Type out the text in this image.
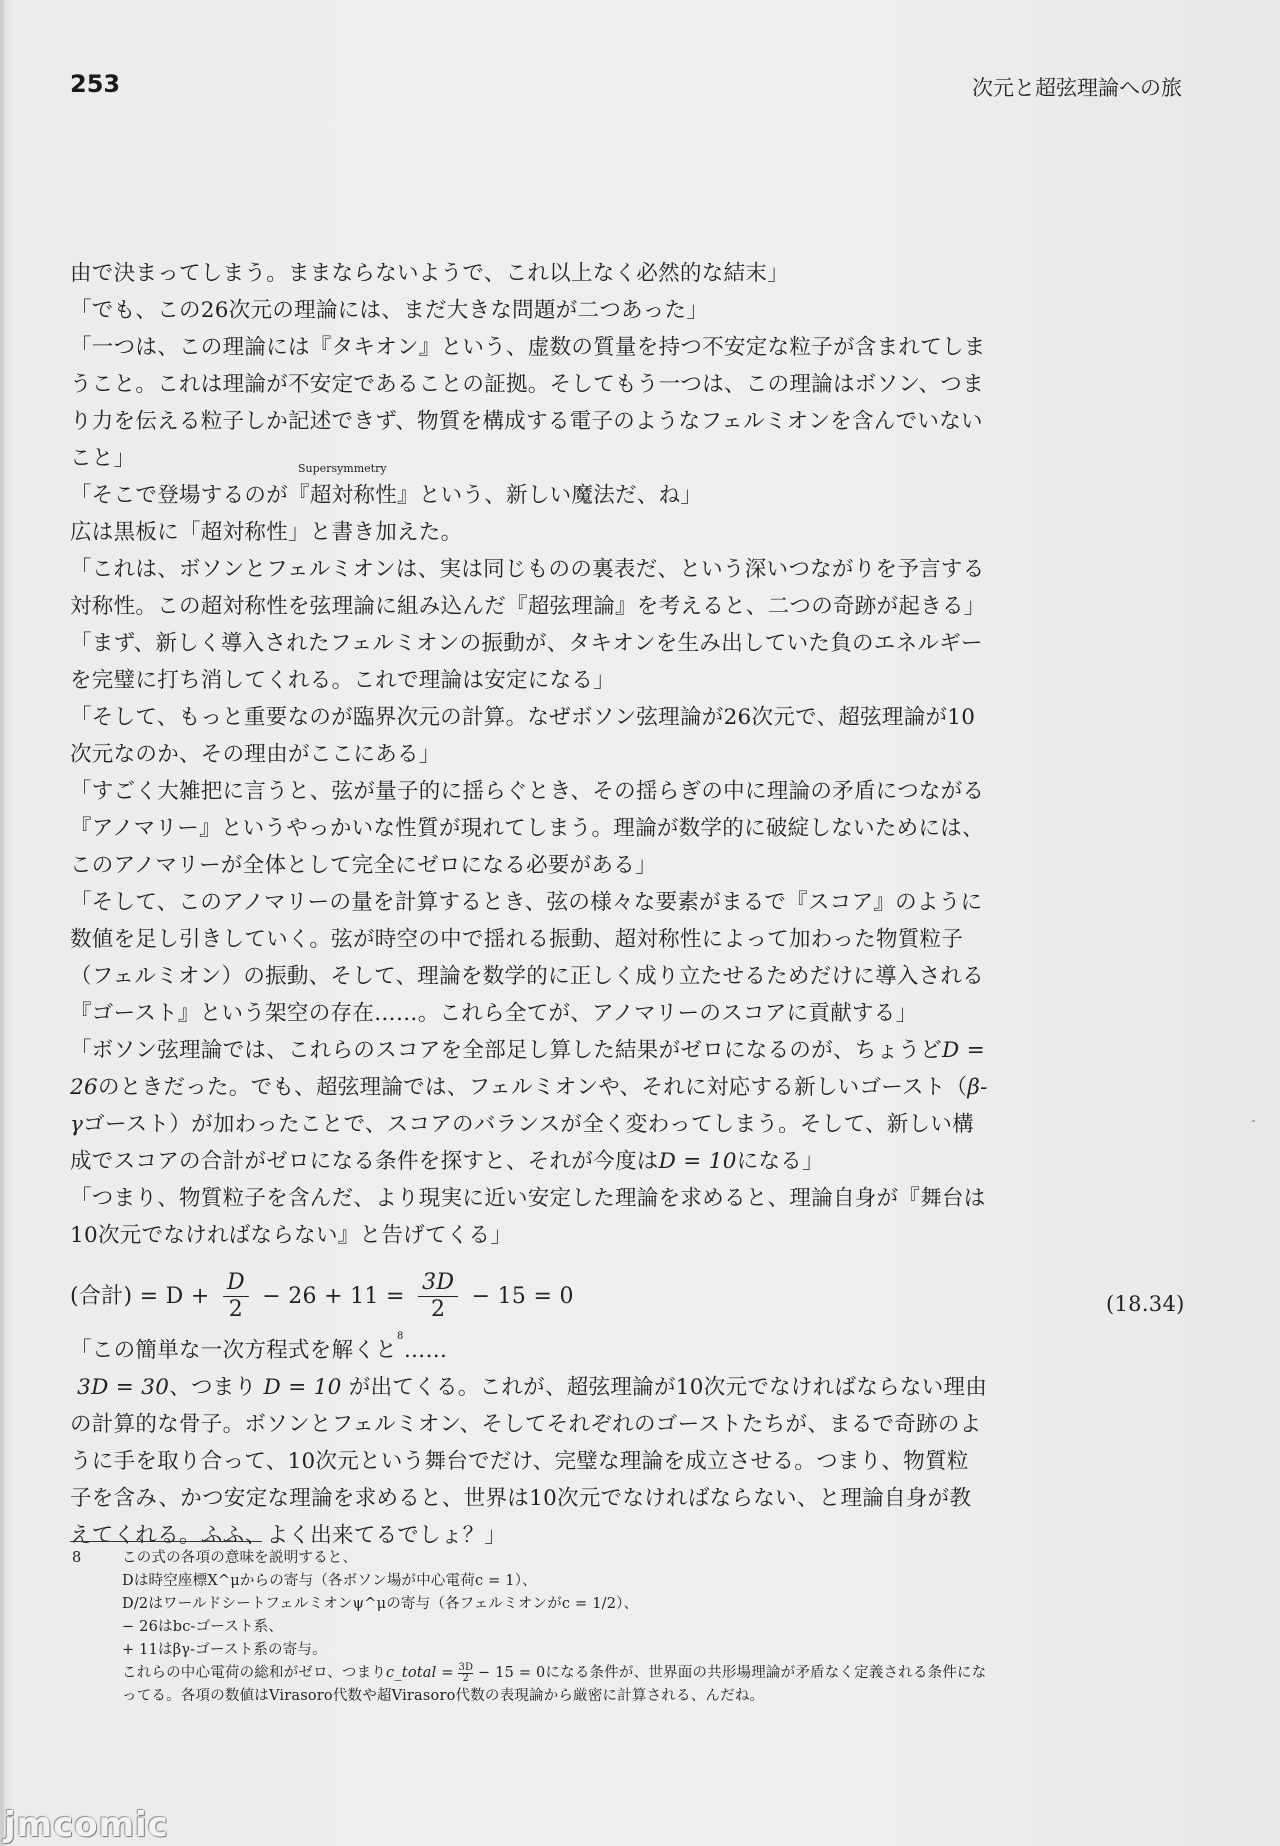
253	次元と超弦理論への旅

由で決まってしまう。ままならないようで、これ以上なく必然的な結末」

「でも、この26次元の理論には、まだ大きな問題が二つあった」

「一つは、この理論には『タキオン』という、虚数の質量を持つ不安定な粒子が含まれてしまうこと。これは理論が不安定であることの証拠。そしてもう一つは、この理論はボソン、つまり力を伝える粒子しか記述できず、物質を構成する電子のようなフェルミオンを含んでいないこと」

「そこで登場するのが
Supersymmetry
『超対称性』という、新しい魔法だ、ね」

広は黒板に「超対称性」と書き加えた。

「これは、ボソンとフェルミオンは、実は同じものの裏表だ、という深いつながりを予言する対称性。この超対称性を弦理論に組み込んだ『超弦理論』を考えると、二つの奇跡が起きる」

「まず、新しく導入されたフェルミオンの振動が、タキオンを生み出していた負のエネルギーを完璧に打ち消してくれる。これで理論は安定になる」

「そして、もっと重要なのが臨界次元の計算。なぜボソン弦理論が26次元で、超弦理論が10次元なのか、その理由がここにある」

「すごく大雑把に言うと、弦が量子的に揺らぐとき、その揺らぎの中に理論の矛盾につながる『アノマリー』というやっかいな性質が現れてしまう。理論が数学的に破綻しないためには、このアノマリーが全体として完全にゼロになる必要がある」

「そして、このアノマリーの量を計算するとき、弦の様々な要素がまるで『スコア』のように数値を足し引きしていく。弦が時空の中で揺れる振動、超対称性によって加わった物質粒子（フェルミオン）の振動、そして、理論を数学的に正しく成り立たせるためだけに導入される『ゴースト』という架空の存在……。これら全てが、アノマリーのスコアに貢献する」

「ボソン弦理論では、これらのスコアを全部足し算した結果がゼロになるのが、ちょうどD = 26のときだった。でも、超弦理論では、フェルミオンや、それに対応する新しいゴースト（β‐γゴースト）が加わったことで、スコアのバランスが全く変わってしまう。そして、新しい構成でスコアの合計がゼロになる条件を探すと、それが今度はD = 10になる」

「つまり、物質粒子を含んだ、より現実に近い安定した理論を求めると、理論自身が『舞台は10次元でなければならない』と告げてくる」

(合計) = $D + \frac{D}{2} - 26 + 11 = \frac{3D}{2} - 15 = 0$	(18.34)

「この簡単な一次方程式を解くと$^8$……

3D = 30、つまり D = 10 が出てくる。これが、超弦理論が10次元でなければならない理由の計算的な骨子。ボソンとフェルミオン、そしてそれぞれのゴーストたちが、まるで奇跡のように手を取り合って、10次元という舞台でだけ、完璧な理論を成立させる。つまり、物質粒子を含み、かつ安定な理論を求めると、世界は10次元でなければならない、と理論自身が教えてくれる。ふふ、よく出来てるでしょ？」

8	この式の各項の意味を説明すると、

Dは時空座標X^μからの寄与（各ボソン場が中心電荷c = 1）、

D/2はワールドシートフェルミオンψ^μの寄与（各フェルミオンがc = 1/2）、

− 26はbc‐ゴースト系、

+ 11はβγ‐ゴースト系の寄与。

これらの中心電荷の総和がゼロ、つまりc_total = $\frac{3D}{2} - 15 = 0$になる条件が、世界面の共形場理論が矛盾なく定義される条件になってる。各項の数値はVirasoro代数や超Virasoro代数の表現論から厳密に計算される、んだね。

jmcomic
